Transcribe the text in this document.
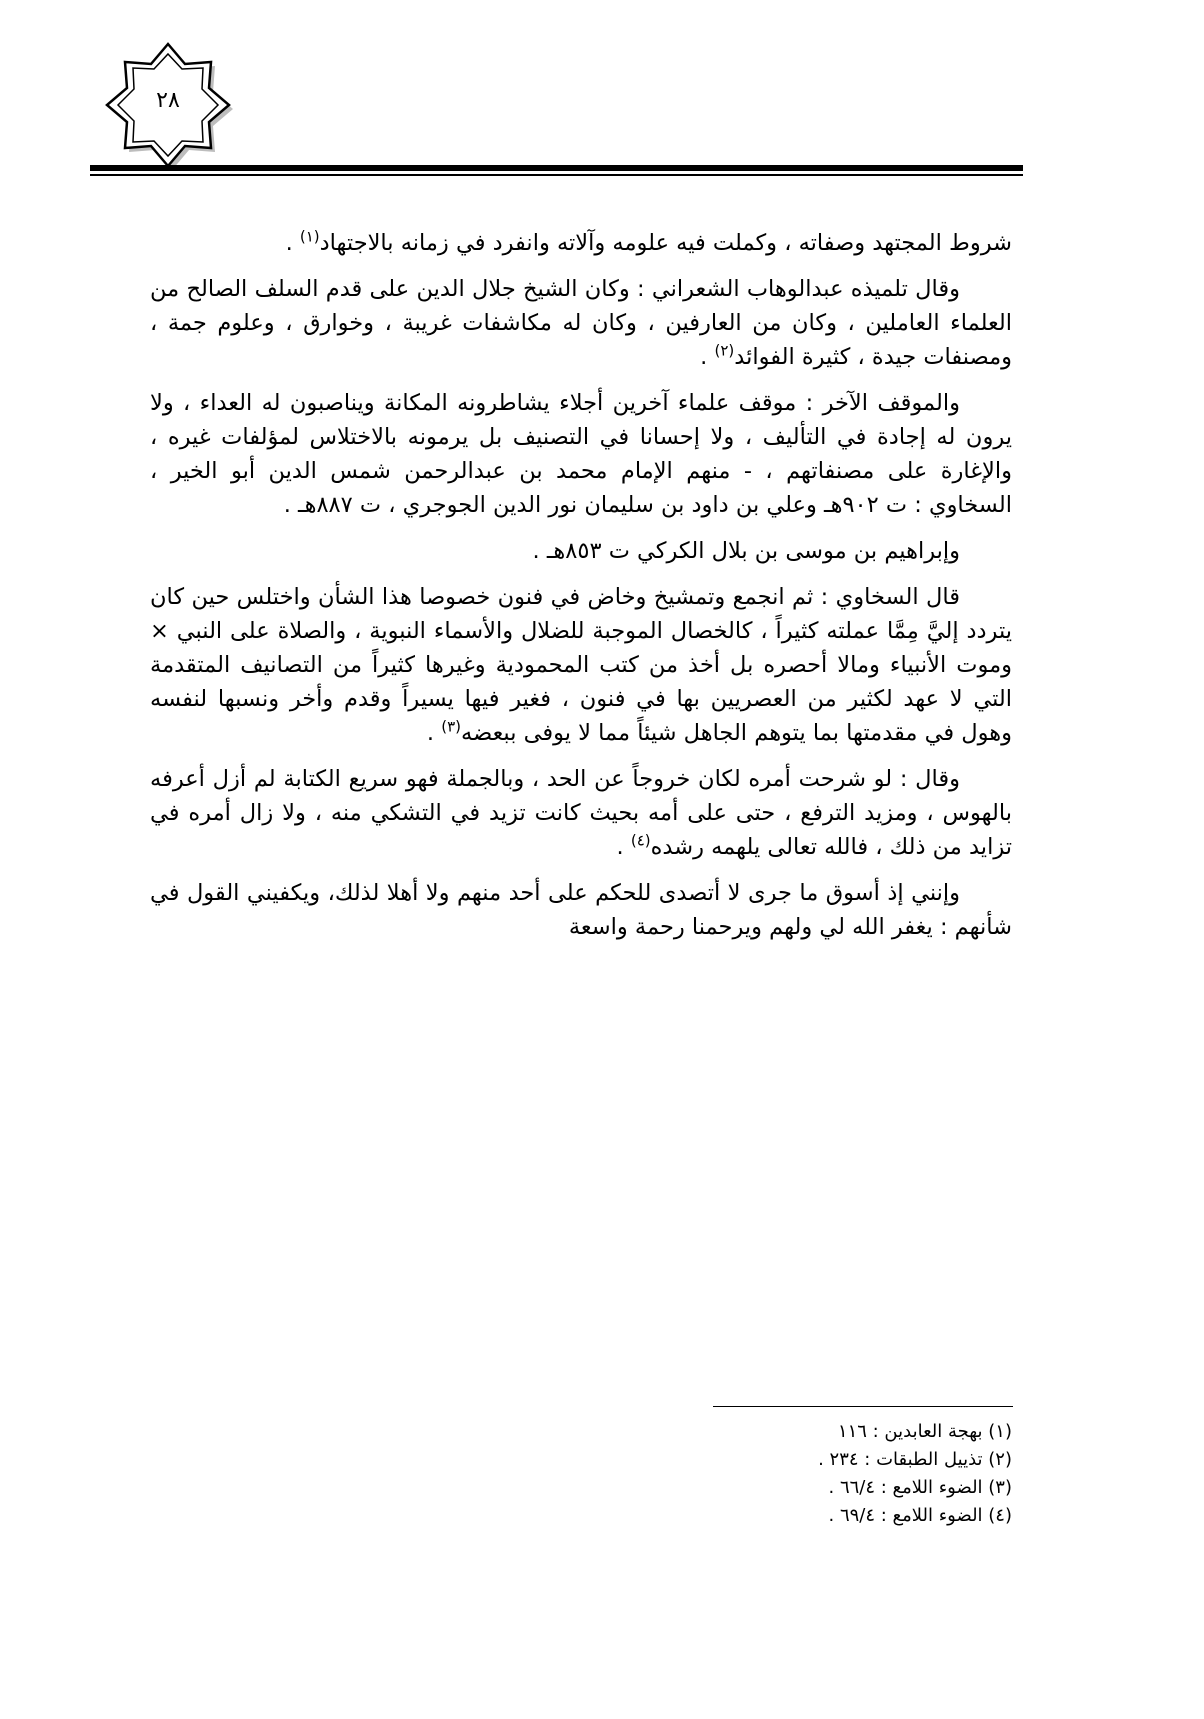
٢٨

شروط المجتهد وصفاته ، وكملت فيه علومه وآلاته وانفرد في زمانه بالاجتهاد$^{(١)}$ .

وقال تلميذه عبدالوهاب الشعراني : وكان الشيخ جلال الدين على قدم السلف الصالح من العلماء العاملين ، وكان من العارفين ، وكان له مكاشفات غريبة ، وخوارق ، وعلوم جمة ، ومصنفات جيدة ، كثيرة الفوائد$^{(٢)}$ .

والموقف الآخر : موقف علماء آخرين أجلاء يشاطرونه المكانة ويناصبون له العداء ، ولا يرون له إجادة في التأليف ، ولا إحسانا في التصنيف بل يرمونه بالاختلاس لمؤلفات غيره ، والإغارة على مصنفاتهم ، - منهم الإمام محمد بن عبدالرحمن شمس الدين أبو الخير ، السخاوي : ت ٩٠٢هـ وعلي بن داود بن سليمان نور الدين الجوجري ، ت ٨٨٧هـ .

وإبراهيم بن موسى بن بلال الكركي ت ٨٥٣هـ .

قال السخاوي : ثم انجمع وتمشيخ وخاض في فنون خصوصا هذا الشأن واختلس حين كان يتردد إليَّ مِمَّا عملته كثيراً ، كالخصال الموجبة للضلال والأسماء النبوية ، والصلاة على النبي × وموت الأنبياء ومالا أحصره بل أخذ من كتب المحمودية وغيرها كثيراً من التصانيف المتقدمة التي لا عهد لكثير من العصريين بها في فنون ، فغير فيها يسيراً وقدم وأخر ونسبها لنفسه وهول في مقدمتها بما يتوهم الجاهل شيئاً مما لا يوفى ببعضه$^{(٣)}$ .

وقال : لو شرحت أمره لكان خروجاً عن الحد ، وبالجملة فهو سريع الكتابة لم أزل أعرفه بالهوس ، ومزيد الترفع ، حتى على أمه بحيث كانت تزيد في التشكي منه ، ولا زال أمره في تزايد من ذلك ، فالله تعالى يلهمه رشده$^{(٤)}$ .

وإنني إذ أسوق ما جرى لا أتصدى للحكم على أحد منهم ولا أهلا لذلك، ويكفيني القول في شأنهم : يغفر الله لي ولهم ويرحمنا رحمة واسعة

(١) بهجة العابدين : ١١٦
(٢) تذييل الطبقات : ٢٣٤ .
(٣) الضوء اللامع : ٦٦/٤ .
(٤) الضوء اللامع : ٦٩/٤ .
